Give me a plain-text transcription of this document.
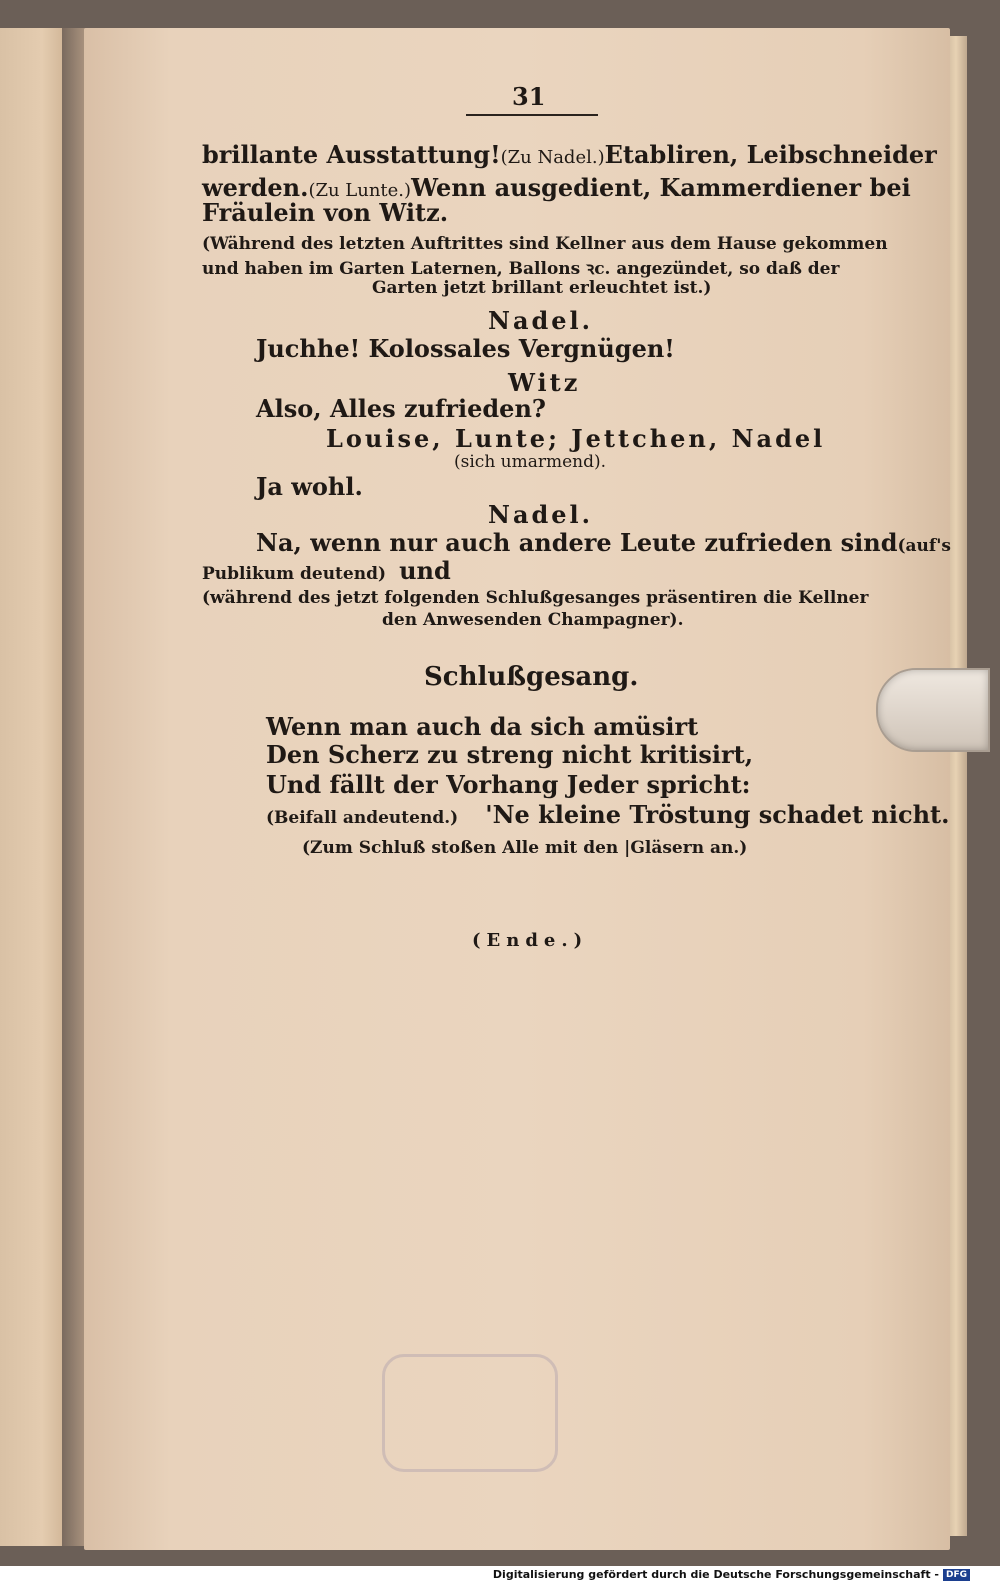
31
brillante Ausstattung! (Zu Nadel.) Etabliren, Leibschneider
werden. (Zu Lunte.) Wenn ausgedient, Kammerdiener bei
Fräulein von Witz.
(Während des letzten Auftrittes sind Kellner aus dem Hause gekommen
und haben im Garten Laternen, Ballons ꝛc. angezündet, so daß der
Garten jetzt brillant erleuchtet ist.)
Nadel.
Juchhe! Kolossales Vergnügen!
Witz
Also, Alles zufrieden?
Louise, Lunte; Jettchen, Nadel
(sich umarmend).
Ja wohl.
Nadel.
Na, wenn nur auch andere Leute zufrieden sind (auf's
Publikum deutend) und
(während des jetzt folgenden Schlußgesanges präsentiren die Kellner
den Anwesenden Champagner).
Schlußgesang.
Wenn man auch da sich amüsirt
Den Scherz zu streng nicht kritisirt,
Und fällt der Vorhang Jeder spricht:
(Beifall andeutend.) 'Ne kleine Tröstung schadet nicht.
(Zum Schluß stoßen Alle mit den |Gläsern an.)
(Ende.)
Digitalisierung gefördert durch die Deutsche Forschungsgemeinschaft - DFG
